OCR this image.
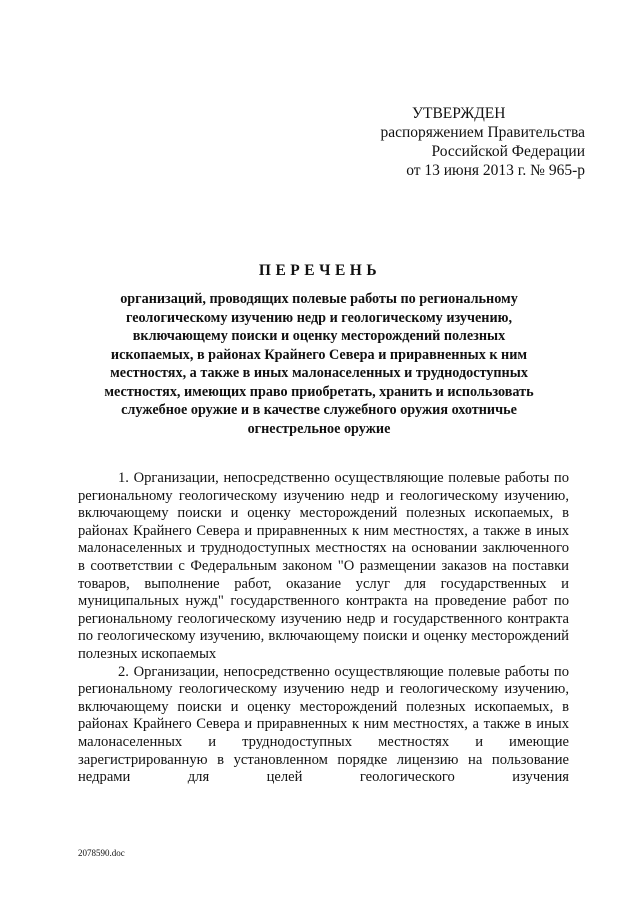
УТВЕРЖДЕН
распоряжением Правительства
Российской Федерации
от 13 июня 2013 г. № 965-р
ПЕРЕЧЕНЬ
организаций, проводящих полевые работы по региональному геологическому изучению недр и геологическому изучению, включающему поиски и оценку месторождений полезных ископаемых, в районах Крайнего Севера и приравненных к ним местностях, а также в иных малонаселенных и труднодоступных местностях, имеющих право приобретать, хранить и использовать служебное оружие и в качестве служебного оружия охотничье огнестрельное оружие

1. Организации, непосредственно осуществляющие полевые работы по региональному геологическому изучению недр и геологическому изучению, включающему поиски и оценку месторождений полезных ископаемых, в районах Крайнего Севера и приравненных к ним местностях, а также в иных малонаселенных и труднодоступных местностях на основании заключенного в соответствии с Федеральным законом "О размещении заказов на поставки товаров, выполнение работ, оказание услуг для государственных и муниципальных нужд" государственного контракта на проведение работ по региональному геологическому изучению недр и государственного контракта по геологическому изучению, включающему поиски и оценку месторождений полезных ископаемых

2. Организации, непосредственно осуществляющие полевые работы по региональному геологическому изучению недр и геологическому изучению, включающему поиски и оценку месторождений полезных ископаемых, в районах Крайнего Севера и приравненных к ним местностях, а также в иных малонаселенных и труднодоступных местностях и имеющие зарегистрированную в установленном порядке лицензию на пользование недрами для целей геологического изучения

2078590.doc
